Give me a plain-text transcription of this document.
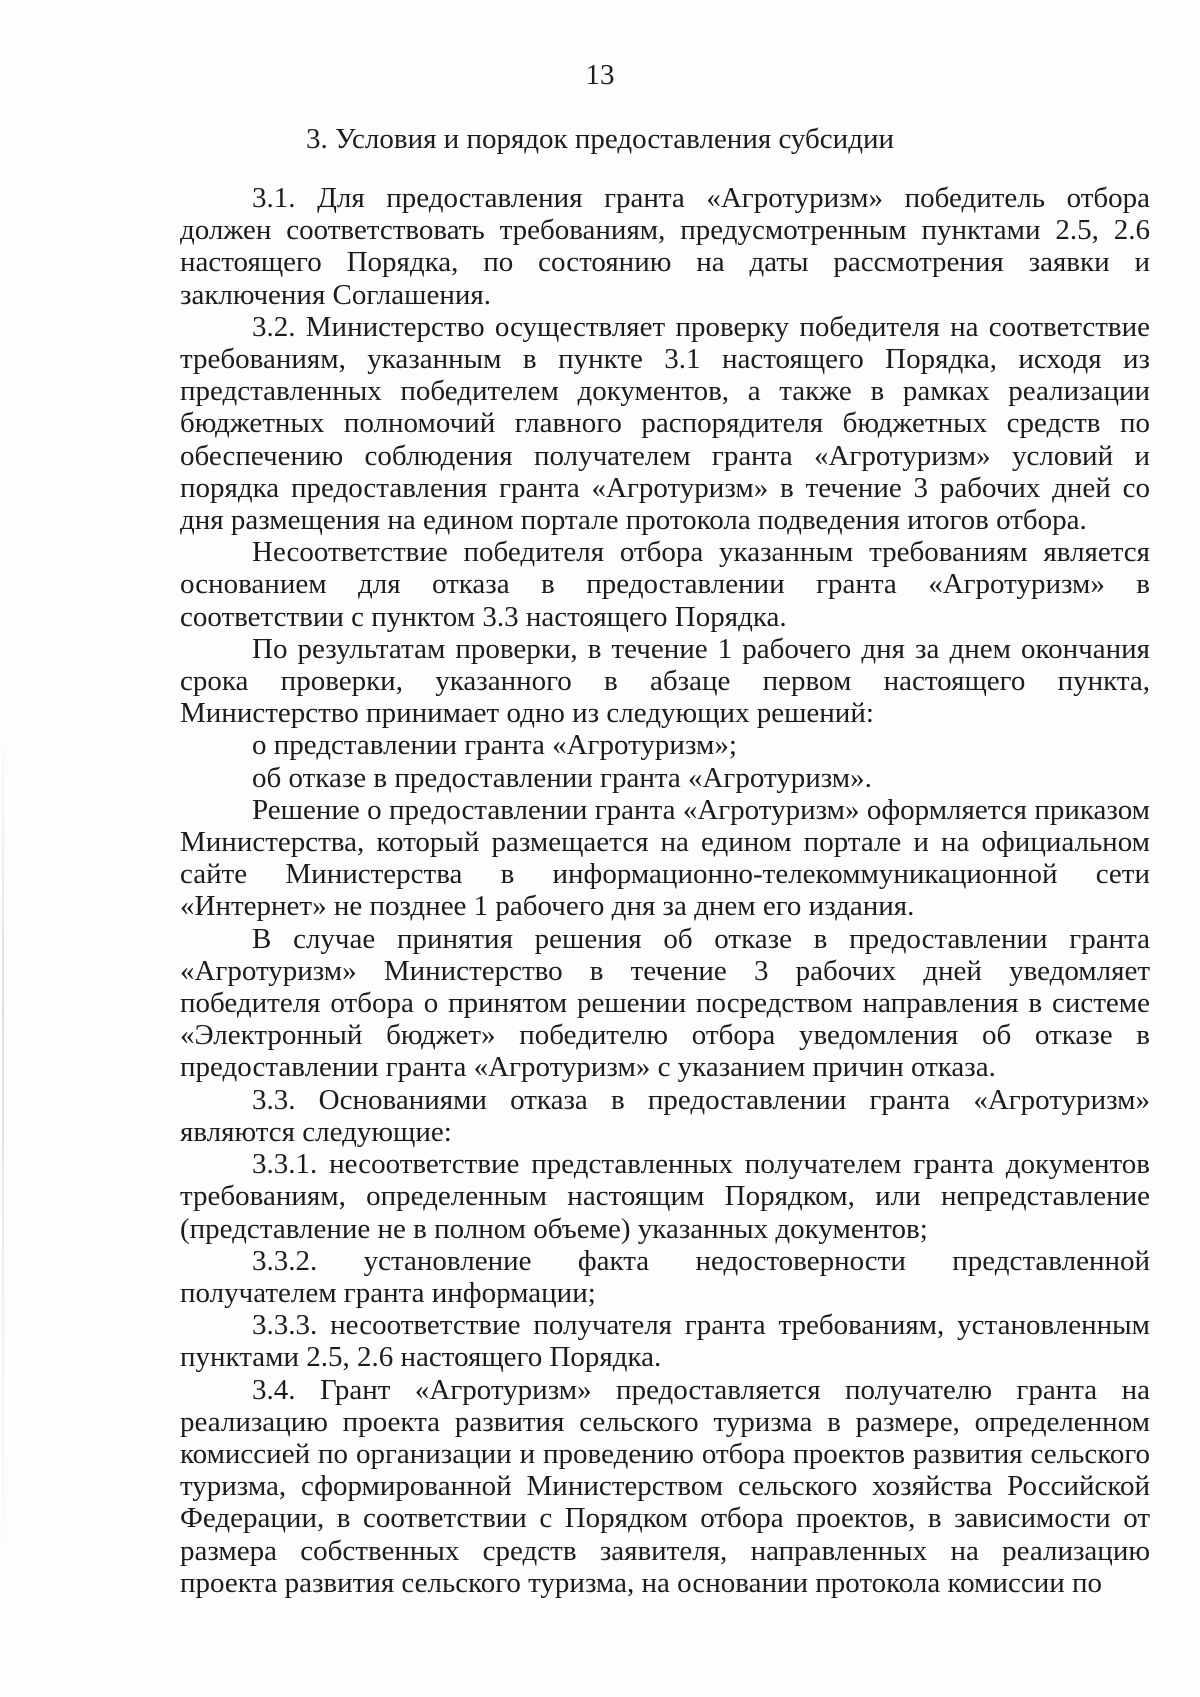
13
3. Условия и порядок предоставления субсидии

3.1. Для предоставления гранта «Агротуризм» победитель отбора должен соответствовать требованиям, предусмотренным пунктами 2.5, 2.6 настоящего Порядка, по состоянию на даты рассмотрения заявки и заключения Соглашения.

3.2. Министерство осуществляет проверку победителя на соответствие требованиям, указанным в пункте 3.1 настоящего Порядка, исходя из представленных победителем документов, а также в рамках реализации бюджетных полномочий главного распорядителя бюджетных средств по обеспечению соблюдения получателем гранта «Агротуризм» условий и порядка предоставления гранта «Агротуризм» в течение 3 рабочих дней со дня размещения на едином портале протокола подведения итогов отбора.

Несоответствие победителя отбора указанным требованиям является основанием для отказа в предоставлении гранта «Агротуризм» в соответствии с пунктом 3.3 настоящего Порядка.

По результатам проверки, в течение 1 рабочего дня за днем окончания срока проверки, указанного в абзаце первом настоящего пункта, Министерство принимает одно из следующих решений:

о представлении гранта «Агротуризм»;

об отказе в предоставлении гранта «Агротуризм».

Решение о предоставлении гранта «Агротуризм» оформляется приказом Министерства, который размещается на едином портале и на официальном сайте Министерства в информационно-телекоммуникационной сети «Интернет» не позднее 1 рабочего дня за днем его издания.

В случае принятия решения об отказе в предоставлении гранта «Агротуризм» Министерство в течение 3 рабочих дней уведомляет победителя отбора о принятом решении посредством направления в системе «Электронный бюджет» победителю отбора уведомления об отказе в предоставлении гранта «Агротуризм» с указанием причин отказа.

3.3. Основаниями отказа в предоставлении гранта «Агротуризм» являются следующие:

3.3.1. несоответствие представленных получателем гранта документов требованиям, определенным настоящим Порядком, или непредставление (представление не в полном объеме) указанных документов;

3.3.2. установление факта недостоверности представленной получателем гранта информации;

3.3.3. несоответствие получателя гранта требованиям, установленным пунктами 2.5, 2.6 настоящего Порядка.

3.4. Грант «Агротуризм» предоставляется получателю гранта на реализацию проекта развития сельского туризма в размере, определенном комиссией по организации и проведению отбора проектов развития сельского туризма, сформированной Министерством сельского хозяйства Российской Федерации, в соответствии с Порядком отбора проектов, в зависимости от размера собственных средств заявителя, направленных на реализацию проекта развития сельского туризма, на основании протокола комиссии по
